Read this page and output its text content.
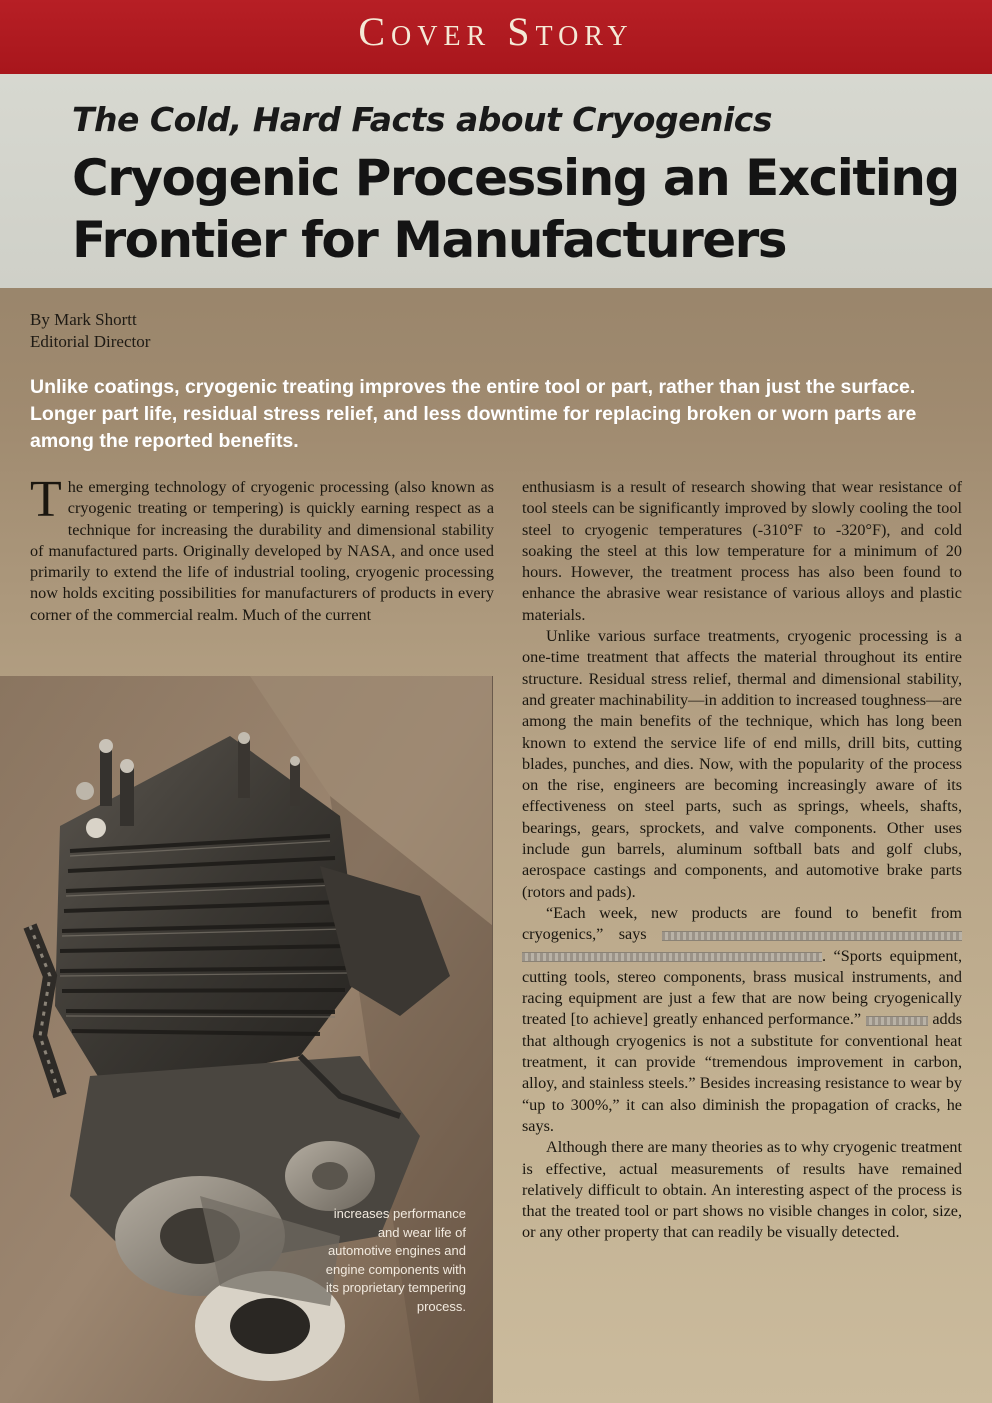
Cover Story
The Cold, Hard Facts about Cryogenics
Cryogenic Processing an Exciting Frontier for Manufacturers
By Mark Shortt
Editorial Director
Unlike coatings, cryogenic treating improves the entire tool or part, rather than just the surface. Longer part life, residual stress relief, and less downtime for replacing broken or worn parts are among the reported benefits.

The emerging technology of cryogenic processing (also known as cryogenic treating or tempering) is quickly earning respect as a technique for increasing the durability and dimensional stability of manufactured parts. Originally developed by NASA, and once used primarily to extend the life of industrial tooling, cryogenic processing now holds exciting possibilities for manufacturers of products in every corner of the commercial realm. Much of the current

enthusiasm is a result of research showing that wear resistance of tool steels can be significantly improved by slowly cooling the tool steel to cryogenic temperatures (-310°F to -320°F), and cold soaking the steel at this low temperature for a minimum of 20 hours. However, the treatment process has also been found to enhance the abrasive wear resistance of various alloys and plastic materials.

Unlike various surface treatments, cryogenic processing is a one-time treatment that affects the material throughout its entire structure. Residual stress relief, thermal and dimensional stability, and greater machinability—in addition to increased toughness—are among the main benefits of the technique, which has long been known to extend the service life of end mills, drill bits, cutting blades, punches, and dies. Now, with the popularity of the process on the rise, engineers are becoming increasingly aware of its effectiveness on steel parts, such as springs, wheels, shafts, bearings, gears, sprockets, and valve components. Other uses include gun barrels, aluminum softball bats and golf clubs, aerospace castings and components, and automotive brake parts (rotors and pads).

“Each week, new products are found to benefit from cryogenics,” says . “Sports equipment, cutting tools, stereo components, brass musical instruments, and racing equipment are just a few that are now being cryogenically treated [to achieve] greatly enhanced performance.”	adds that although cryogenics is not a substitute for conventional heat treatment, it can provide “tremendous improvement in carbon, alloy, and stainless steels.” Besides increasing resistance to wear by “up to 300%,” it can also diminish the propagation of cracks, he says.

Although there are many theories as to why cryogenic treatment is effective, actual measurements of results have remained relatively difficult to obtain. An interesting aspect of the process is that the treated tool or part shows no visible changes in color, size, or any other property that can readily be visually detected.

increases performance and wear life of automotive engines and engine components with its proprietary tempering process.
